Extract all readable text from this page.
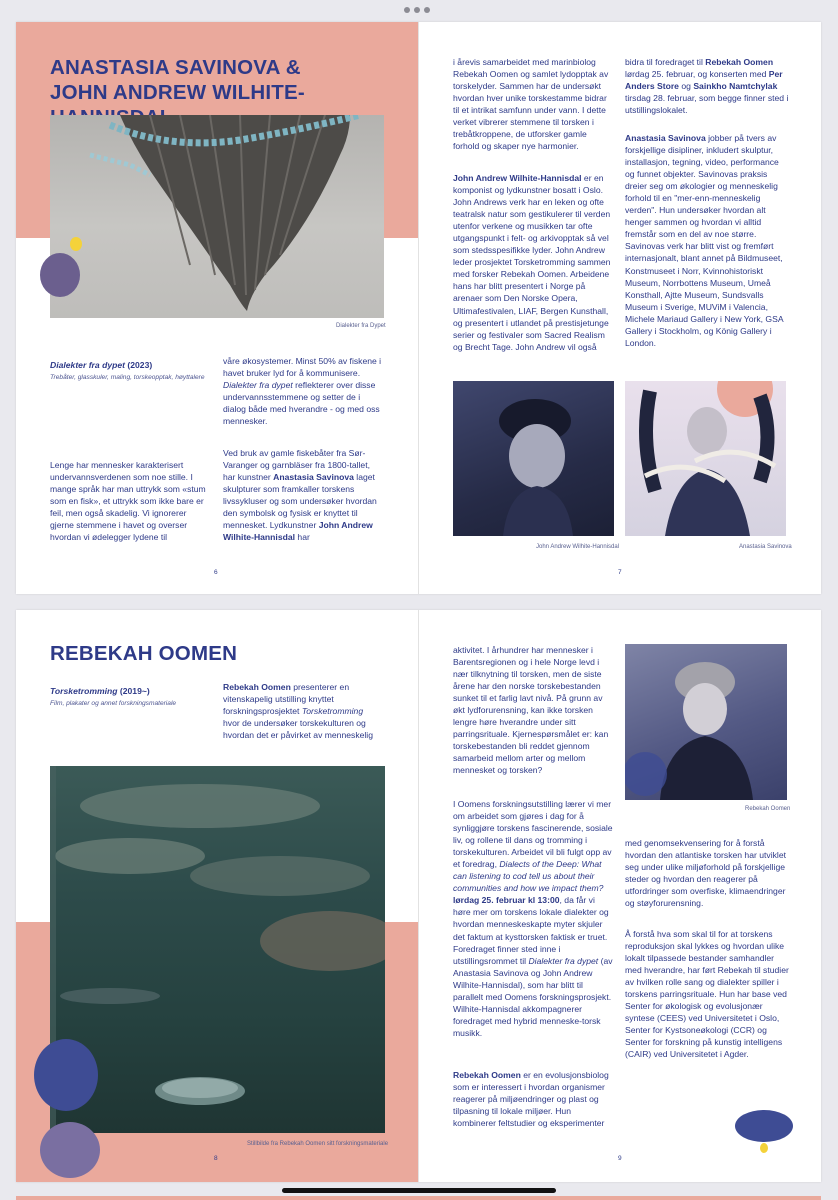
ANASTASIA SAVINOVA &

JOHN ANDREW WILHITE-

Dialekter fra Dypet
Dialekter fra dypet (2023)
Trebåter, glasskuler, maling, torskeopptak, høyttalere

Lenge har mennesker karakterisert undervannsverdenen som noe stille. I mange språk har man uttrykk som «stum som en fisk», et uttrykk som ikke bare er feil, men også skadelig. Vi ignorerer gjerne stemmene i havet og overser hvordan vi ødelegger lydene til

våre økosystemer. Minst 50% av fiskene i havet bruker lyd for å kommunisere. Dialekter fra dypet reflekterer over disse undervannsstemmene og setter de i dialog både med hverandre - og med oss mennesker.

Ved bruk av gamle fiskebåter fra Sør-Varanger og garnbläser fra 1800-tallet, har kunstner Anastasia Savinova laget skulpturer som framkaller torskens livssykluser og som undersøker hvordan den symbolsk og fysisk er knyttet til mennesket. Lydkunstner John Andrew Wilhite-Hannisdal har

6

i årevis samarbeidet med marinbiolog Rebekah Oomen og samlet lydopptak av torskelyder. Sammen har de undersøkt hvordan hver unike torskestamme bidrar til et intrikat samfunn under vann. I dette verket vibrerer stemmene til torsken i trebåtkroppene, de utforsker gamle forhold og skaper nye harmonier.

John Andrew Wilhite-Hannisdal er en komponist og lydkunstner bosatt i Oslo. John Andrews verk har en leken og ofte teatralsk natur som gestikulerer til verden utenfor verkene og musikken tar ofte utgangspunkt i felt- og arkivopptak så vel som stedsspesifikke lyder. John Andrew leder prosjektet Torsketromming sammen med forsker Rebekah Oomen. Arbeidene hans har blitt presentert i Norge på arenaer som Den Norske Opera, Ultimafestivalen, LIAF, Bergen Kunsthall, og presentert i utlandet på prestisjetunge serier og festivaler som Sacred Realism og Brecht Tage. John Andrew vil også

bidra til foredraget til Rebekah Oomen lørdag 25. februar, og konserten med Per Anders Store og Sainkho Namtchylak tirsdag 28. februar, som begge finner sted i utstillingslokalet.

Anastasia Savinova jobber på tvers av forskjellige disipliner, inkludert skulptur, installasjon, tegning, video, performance og funnet objekter. Savinovas praksis dreier seg om økologier og menneskelig forhold til en "mer-enn-menneskelig verden". Hun undersøker hvordan alt henger sammen og hvordan vi alltid fremstår som en del av noe større. Savinovas verk har blitt vist og fremført internasjonalt, blant annet på Bildmuseet, Konstmuseet i Norr, Kvinnohistoriskt Museum, Norrbottens Museum, Umeå Konsthall, Ajtte Museum, Sundsvalls Museum i Sverige, MUViM i Valencia, Michele Mariaud Gallery i New York, GSA Gallery i Stockholm, og König Gallery i London.

John Andrew Wilhite-Hannisdal	Anastasia Savinova
7

REBEKAH OOMEN

Torsketromming (2019~)
Film, plakater og annet forskningsmateriale

Rebekah Oomen presenterer en vitenskapelig utstilling knyttet forskningsprosjektet Torsketromming hvor de undersøker torskekulturen og hvordan det er påvirket av menneskelig

Stillbilde fra Rebekah Oomen sitt forskningsmateriale
8

aktivitet. I århundrer har mennesker i Barentsregionen og i hele Norge levd i nær tilknytning til torsken, men de siste årene har den norske torskebestanden sunket til et farlig lavt nivå. På grunn av økt lydforurensning, kan ikke torsken lengre høre hverandre under sitt parringsrituale. Kjernespørsmålet er: kan torskebestanden bli reddet gjennom samarbeid mellom arter og mellom mennesket og torsken?

I Oomens forskningsutstilling lærer vi mer om arbeidet som gjøres i dag for å synliggjøre torskens fascinerende, sosiale liv, og rollene til dans og tromming i torskekulturen. Arbeidet vil bli fulgt opp av et foredrag, Dialects of the Deep: What can listening to cod tell us about their communities and how we impact them? lørdag 25. februar kl 13:00, da får vi høre mer om torskens lokale dialekter og hvordan menneskeskapte myter skjuler det faktum at kysttorsken faktisk er truet. Foredraget finner sted inne i utstillingsrommet til Dialekter fra dypet (av Anastasia Savinova og John Andrew Wilhite-Hannisdal), som har blitt til parallelt med Oomens forskningsprosjekt. Wilhite-Hannisdal akkompagnerer foredraget med hybrid menneske-torsk musikk.

Rebekah Oomen er en evolusjonsbiolog som er interessert i hvordan organismer reagerer på miljøendringer og plast og tilpasning til lokale miljøer. Hun kombinerer feltstudier og eksperimenter

Rebekah Oomen

med genomsekvensering for å forstå hvordan den atlantiske torsken har utviklet seg under ulike miljøforhold på forskjellige steder og hvordan den reagerer på utfordringer som overfiske, klimaendringer og støyforurensning.

Å forstå hva som skal til for at torskens reproduksjon skal lykkes og hvordan ulike lokalt tilpassede bestander samhandler med hverandre, har ført Rebekah til studier av hvilken rolle sang og dialekter spiller i torskens parringsrituale. Hun har base ved Senter for økologisk og evolusjonær syntese (CEES) ved Universitetet i Oslo, Senter for Kystsoneøkologi (CCR) og Senter for forskning på kunstig intelligens (CAIR) ved Universitetet i Agder.

9
